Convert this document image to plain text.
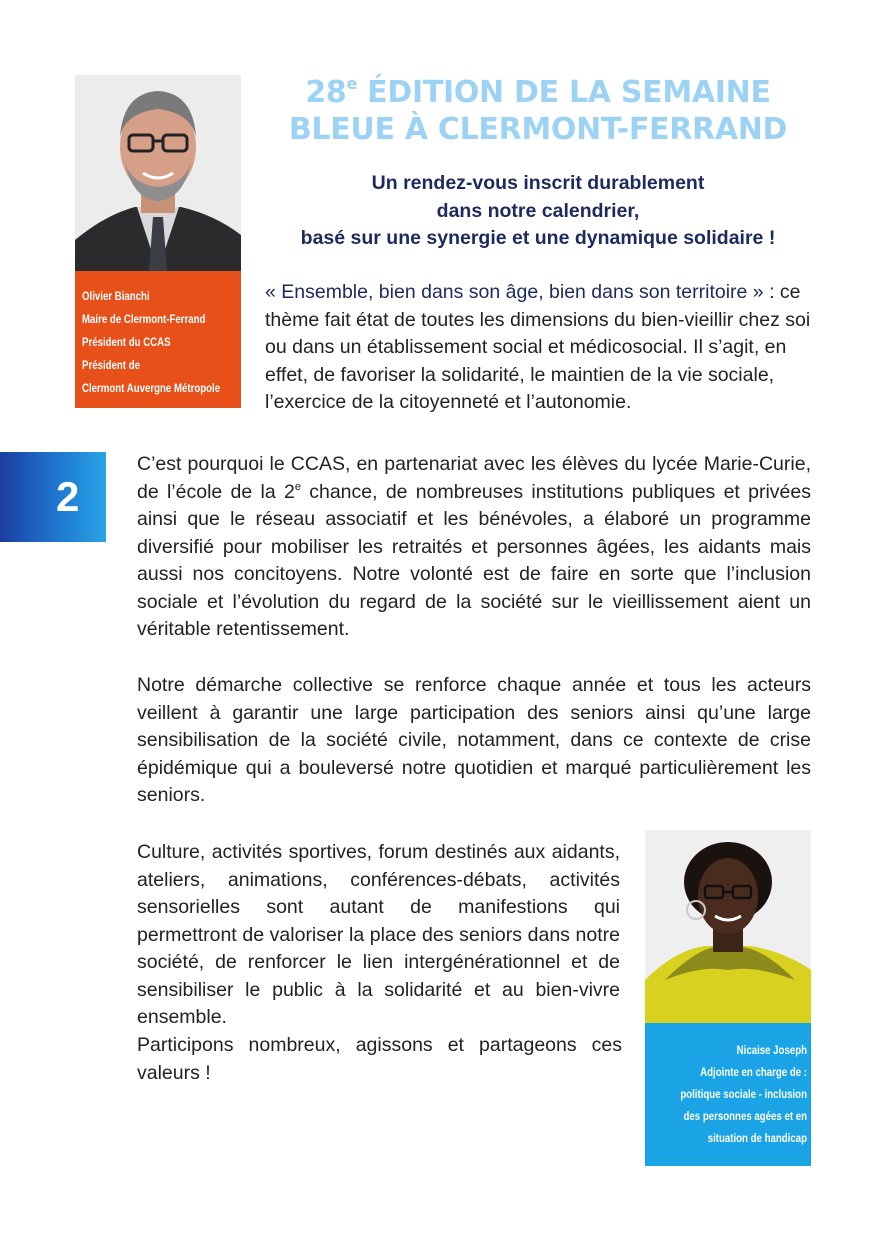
Olivier Bianchi
Maire de Clermont-Ferrand
Président du CCAS
Président de
Clermont Auvergne Métropole
28e ÉDITION DE LA SEMAINE
BLEUE À CLERMONT-FERRAND
Un rendez-vous inscrit durablement
dans notre calendrier,
basé sur une synergie et une dynamique solidaire !
« Ensemble, bien dans son âge, bien dans son territoire » : ce thème fait état de toutes les dimensions du bien-vieillir chez soi ou dans un établissement social et médicosocial. Il s’agit, en effet, de favoriser la solidarité, le maintien de la vie sociale, l’exercice de la citoyenneté et l’autonomie.
2
C’est pourquoi le CCAS, en partenariat avec les élèves du lycée Marie-Curie, de l’école de la 2e chance, de nombreuses institutions publiques et privées ainsi que le réseau associatif et les bénévoles, a élaboré un programme diversifié pour mobiliser les retraités et personnes âgées, les aidants mais aussi nos concitoyens. Notre volonté est de faire en sorte que l’inclusion sociale et l’évolution du regard de la société sur le vieillissement aient un véritable retentissement.
Notre démarche collective se renforce chaque année et tous les acteurs veillent à garantir une large participation des seniors ainsi qu’une large sensibilisation de la société civile, notamment, dans ce contexte de crise épidémique qui a bouleversé notre quotidien et marqué particulièrement les seniors.
Culture, activités sportives, forum destinés aux aidants, ateliers, animations, conférences-débats, activités sensorielles sont autant de manifestions qui permettront de valoriser la place des seniors dans notre société, de renforcer le lien intergénérationnel et de sensibiliser le public à la solidarité et au bien-vivre ensemble.
Participons nombreux, agissons et partageons ces valeurs !
Nicaise Joseph
Adjointe en charge de :
politique sociale - inclusion
des personnes agées et en
situation de handicap
